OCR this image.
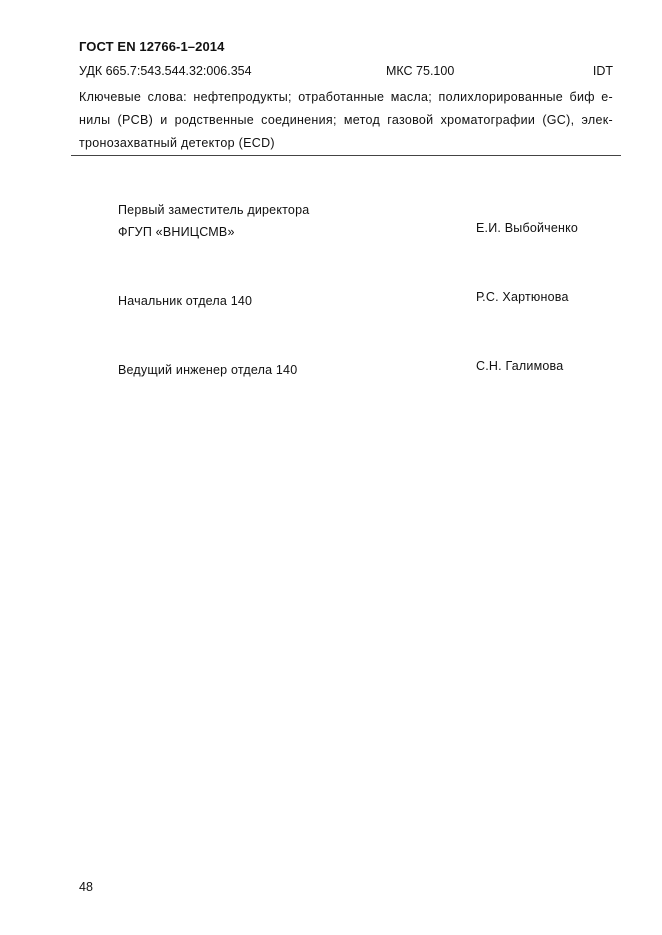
ГОСТ EN 12766-1–2014
УДК 665.7:543.544.32:006.354	МКС 75.100	IDT
Ключевые слова: нефтепродукты; отработанные масла; полихлорированные биф е-
нилы (PCB) и родственные соединения; метод газовой хроматографии (GC), элек-
тронозахватный детектор (ECD)
Первый заместитель директора
ФГУП «ВНИЦСМВ»	Е.И. Выбойченко
Начальник отдела 140	Р.С. Хартюнова
Ведущий инженер отдела 140	С.Н. Галимова
48
